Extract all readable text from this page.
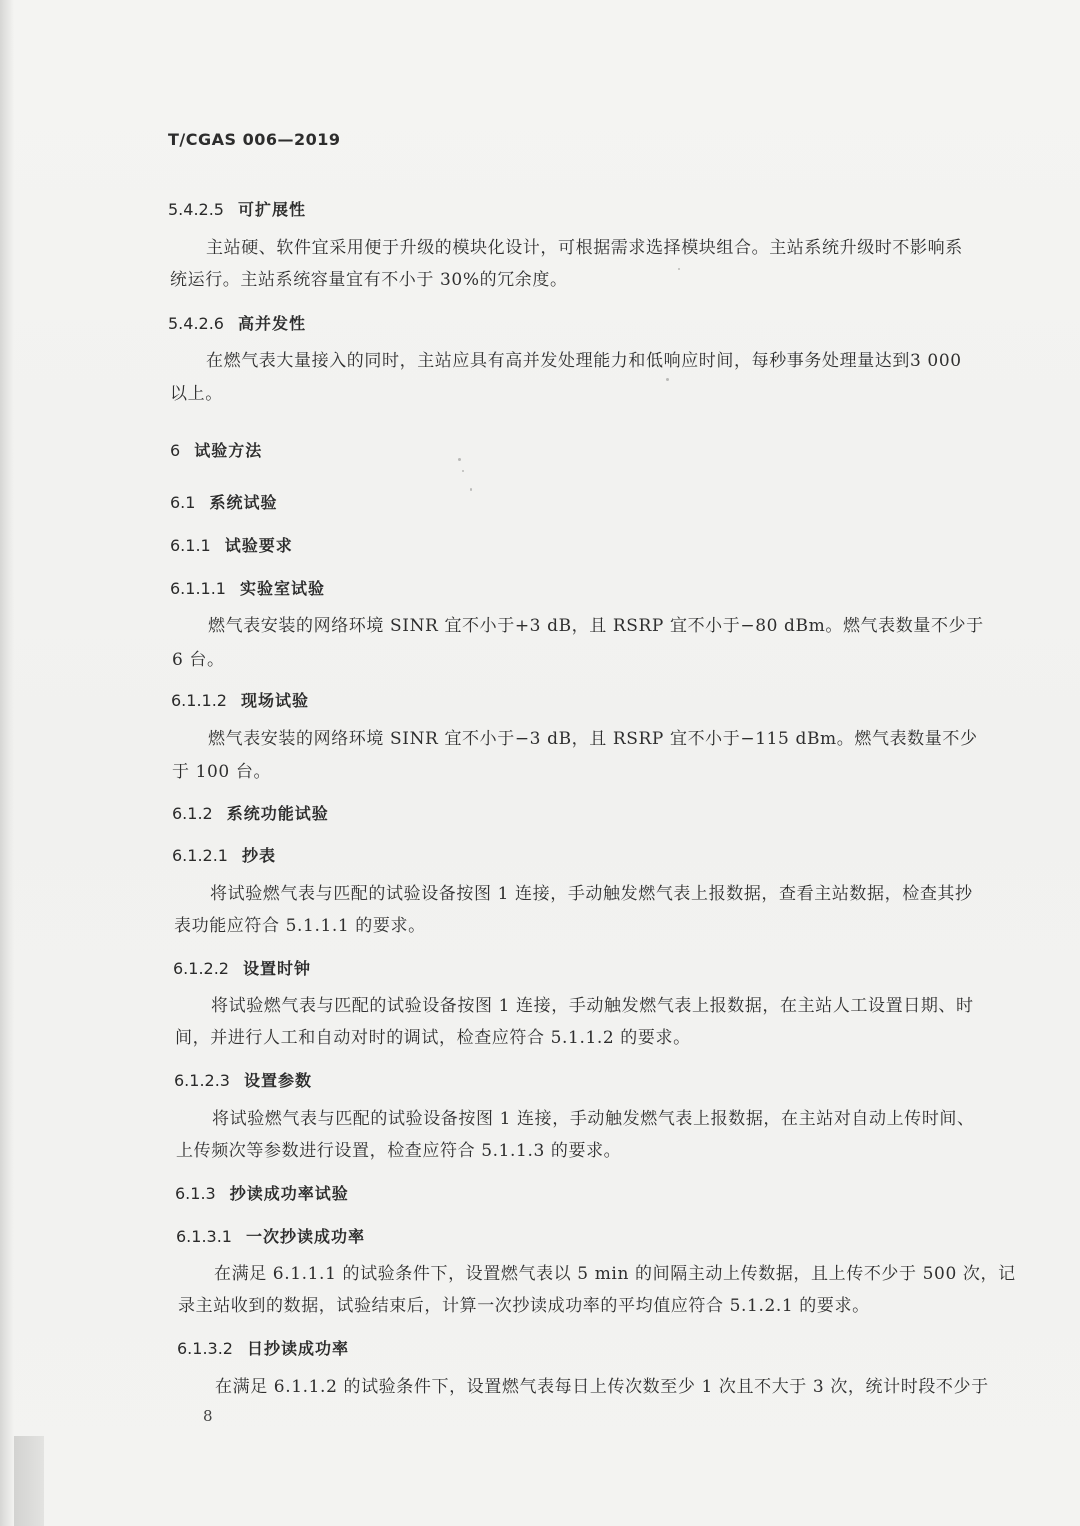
T/CGAS 006—2019
5.4.2.5 可扩展性
主站硬、软件宜采用便于升级的模块化设计，可根据需求选择模块组合。主站系统升级时不影响系
统运行。主站系统容量宜有不小于 30%的冗余度。
5.4.2.6 高并发性
在燃气表大量接入的同时，主站应具有高并发处理能力和低响应时间，每秒事务处理量达到3 000
以上。
6 试验方法
6.1 系统试验
6.1.1 试验要求
6.1.1.1 实验室试验
燃气表安装的网络环境 SINR 宜不小于+3 dB，且 RSRP 宜不小于−80 dBm。燃气表数量不少于
6 台。
6.1.1.2 现场试验
燃气表安装的网络环境 SINR 宜不小于−3 dB，且 RSRP 宜不小于−115 dBm。燃气表数量不少
于 100 台。
6.1.2 系统功能试验
6.1.2.1 抄表
将试验燃气表与匹配的试验设备按图 1 连接，手动触发燃气表上报数据，查看主站数据，检查其抄
表功能应符合 5.1.1.1 的要求。
6.1.2.2 设置时钟
将试验燃气表与匹配的试验设备按图 1 连接，手动触发燃气表上报数据，在主站人工设置日期、时
间，并进行人工和自动对时的调试，检查应符合 5.1.1.2 的要求。
6.1.2.3 设置参数
将试验燃气表与匹配的试验设备按图 1 连接，手动触发燃气表上报数据，在主站对自动上传时间、
上传频次等参数进行设置，检查应符合 5.1.1.3 的要求。
6.1.3 抄读成功率试验
6.1.3.1 一次抄读成功率
在满足 6.1.1.1 的试验条件下，设置燃气表以 5 min 的间隔主动上传数据，且上传不少于 500 次，记
录主站收到的数据，试验结束后，计算一次抄读成功率的平均值应符合 5.1.2.1 的要求。
6.1.3.2 日抄读成功率
在满足 6.1.1.2 的试验条件下，设置燃气表每日上传次数至少 1 次且不大于 3 次，统计时段不少于
8
